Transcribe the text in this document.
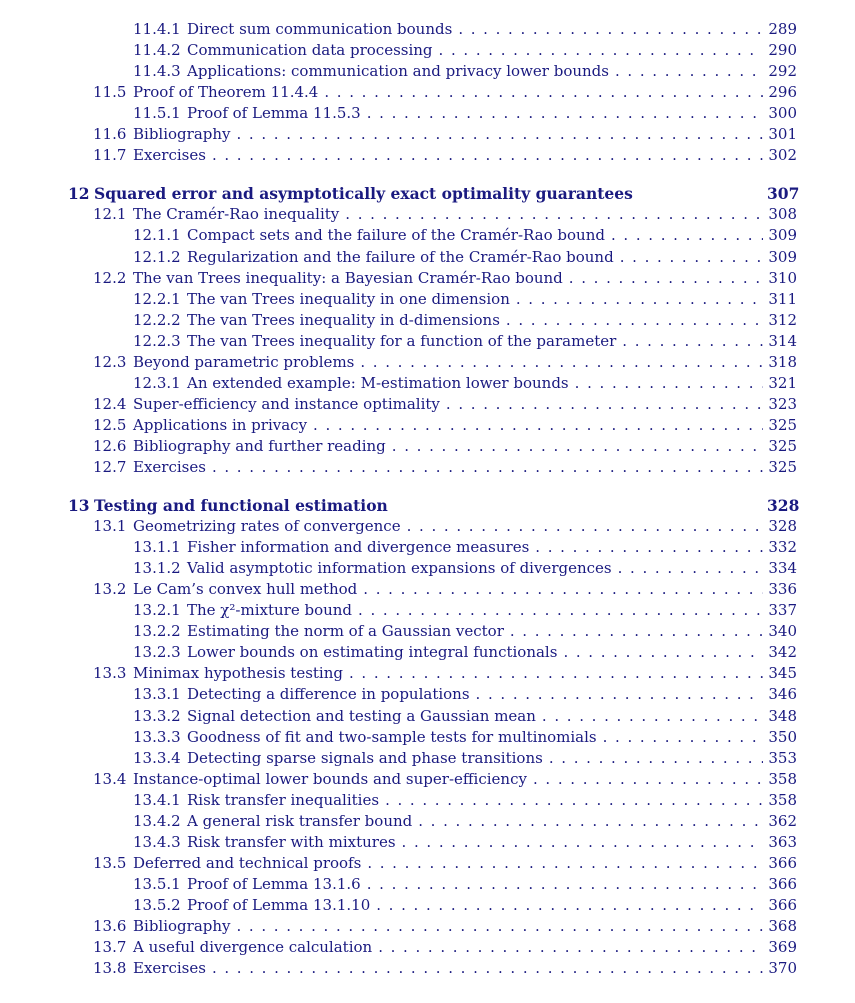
11.4.1 Direct sum communication bounds . . .	289
11.4.2 Communication data processing . . .	290
11.4.3 Applications: communication and privacy lower bounds . . .	292
11.5 Proof of Theorem 11.4.4 . . .	296
11.5.1 Proof of Lemma 11.5.3 . . .	300
11.6 Bibliography . . .	301
11.7 Exercises . . .	302
12 Squared error and asymptotically exact optimality guarantees	307
12.1 The Cramér-Rao inequality . . .	308
12.1.1 Compact sets and the failure of the Cramér-Rao bound . . .	309
12.1.2 Regularization and the failure of the Cramér-Rao bound . . .	309
12.2 The van Trees inequality: a Bayesian Cramér-Rao bound . . .	310
12.2.1 The van Trees inequality in one dimension . . .	311
12.2.2 The van Trees inequality in d-dimensions . . .	312
12.2.3 The van Trees inequality for a function of the parameter . . .	314
12.3 Beyond parametric problems . . .	318
12.3.1 An extended example: M-estimation lower bounds . . .	321
12.4 Super-efficiency and instance optimality . . .	323
12.5 Applications in privacy . . .	325
12.6 Bibliography and further reading . . .	325
12.7 Exercises . . .	325
13 Testing and functional estimation	328
13.1 Geometrizing rates of convergence . . .	328
13.1.1 Fisher information and divergence measures . . .	332
13.1.2 Valid asymptotic information expansions of divergences . . .	334
13.2 Le Cam’s convex hull method . . .	336
13.2.1 The χ²-mixture bound . . .	337
13.2.2 Estimating the norm of a Gaussian vector . . .	340
13.2.3 Lower bounds on estimating integral functionals . . .	342
13.3 Minimax hypothesis testing . . .	345
13.3.1 Detecting a difference in populations . . .	346
13.3.2 Signal detection and testing a Gaussian mean . . .	348
13.3.3 Goodness of fit and two-sample tests for multinomials . . .	350
13.3.4 Detecting sparse signals and phase transitions . . .	353
13.4 Instance-optimal lower bounds and super-efficiency . . .	358
13.4.1 Risk transfer inequalities . . .	358
13.4.2 A general risk transfer bound . . .	362
13.4.3 Risk transfer with mixtures . . .	363
13.5 Deferred and technical proofs . . .	366
13.5.1 Proof of Lemma 13.1.6 . . .	366
13.5.2 Proof of Lemma 13.1.10 . . .	366
13.6 Bibliography . . .	368
13.7 A useful divergence calculation . . .	369
13.8 Exercises . . .	370
